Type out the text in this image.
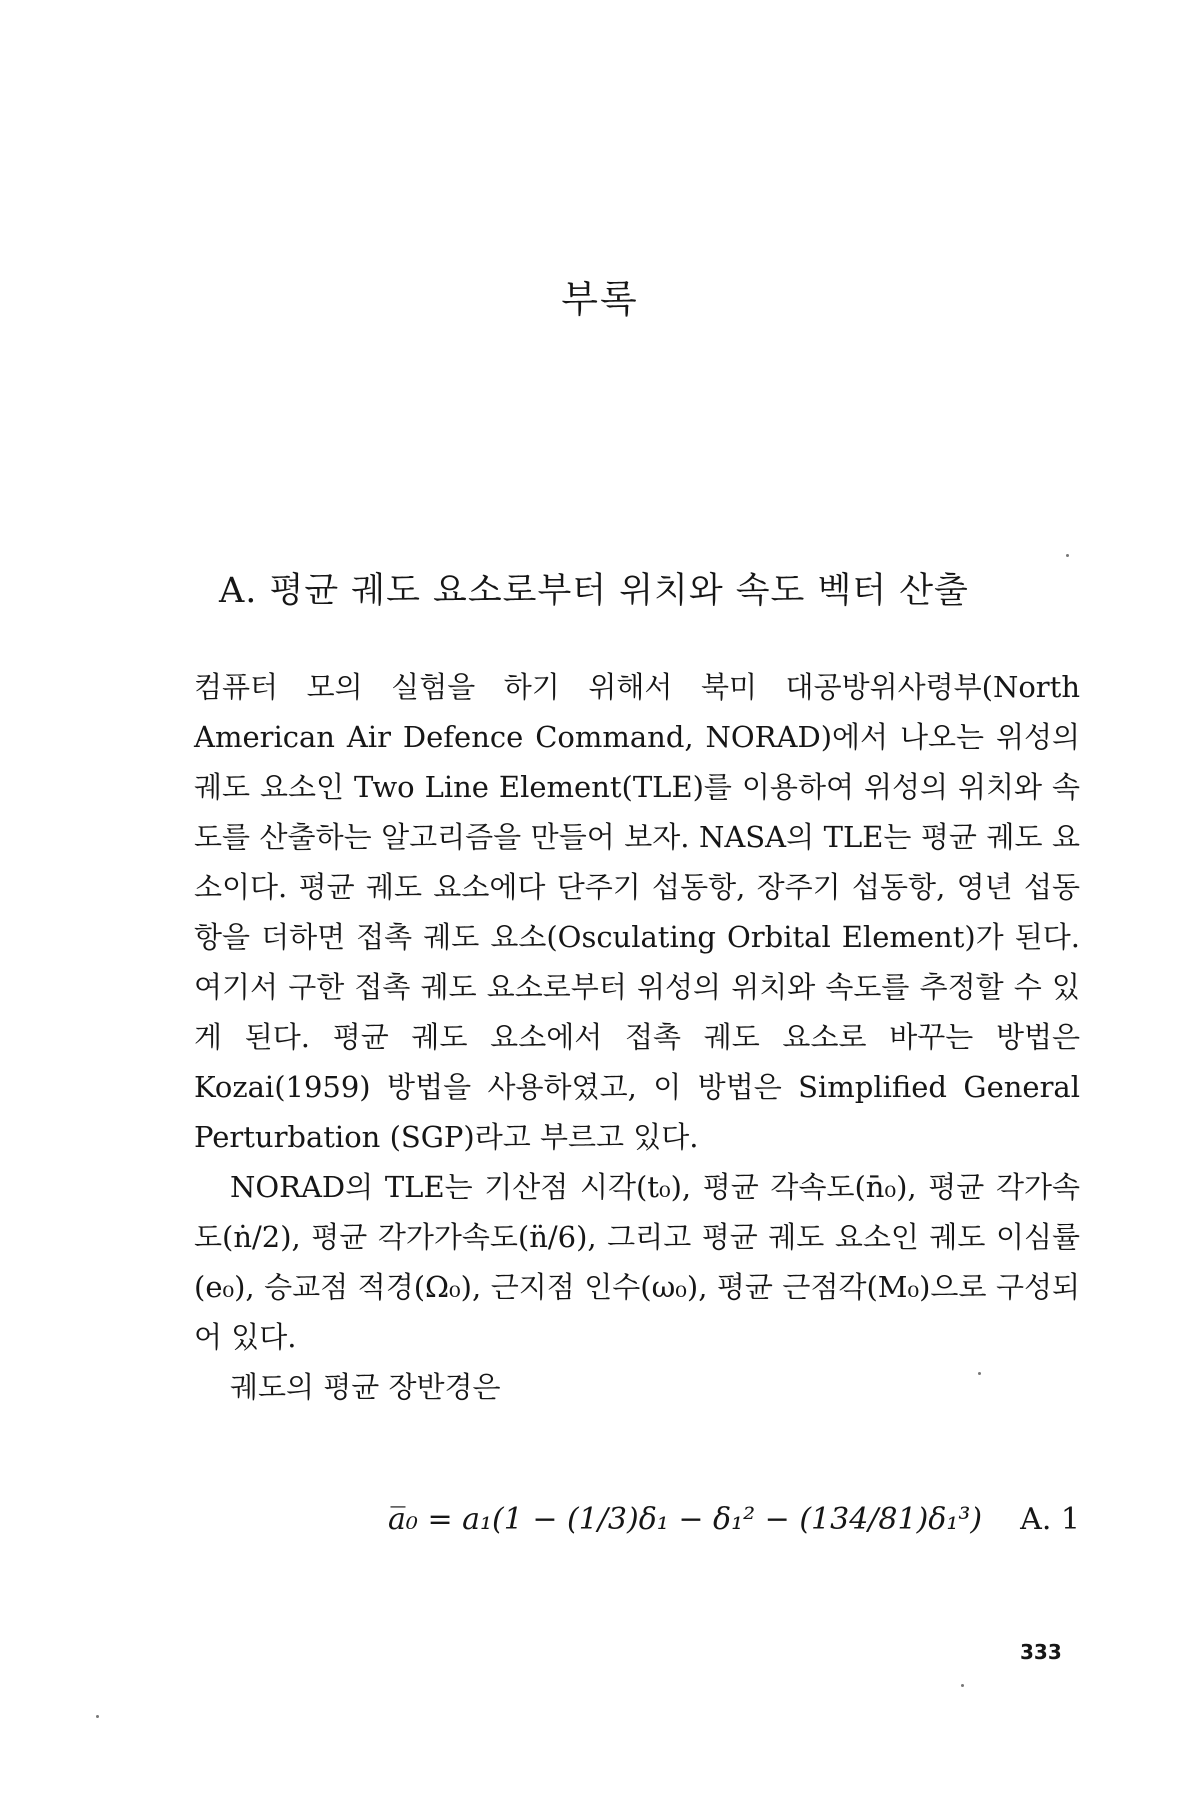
부록
A. 평균 궤도 요소로부터 위치와 속도 벡터 산출

컴퓨터 모의 실험을 하기 위해서 북미 대공방위사령부(North American Air Defence Command, NORAD)에서 나오는 위성의 궤도 요소인 Two Line Element(TLE)를 이용하여 위성의 위치와 속도를 산출하는 알고리즘을 만들어 보자. NASA의 TLE는 평균 궤도 요소이다. 평균 궤도 요소에다 단주기 섭동항, 장주기 섭동항, 영년 섭동항을 더하면 접촉 궤도 요소(Osculating Orbital Element)가 된다. 여기서 구한 접촉 궤도 요소로부터 위성의 위치와 속도를 추정할 수 있게 된다. 평균 궤도 요소에서 접촉 궤도 요소로 바꾸는 방법은 Kozai(1959) 방법을 사용하였고, 이 방법은 Simplified General Perturbation (SGP)라고 부르고 있다.

NORAD의 TLE는 기산점 시각(t₀), 평균 각속도(n̄₀), 평균 각가속도(ṅ/2), 평균 각가가속도(n̈/6), 그리고 평균 궤도 요소인 궤도 이심률(e₀), 승교점 적경(Ω₀), 근지점 인수(ω₀), 평균 근점각(M₀)으로 구성되어 있다.

궤도의 평균 장반경은

a̅₀ = a₁(1 − (1/3)δ₁ − δ₁² − (134/81)δ₁³) A. 1
333
